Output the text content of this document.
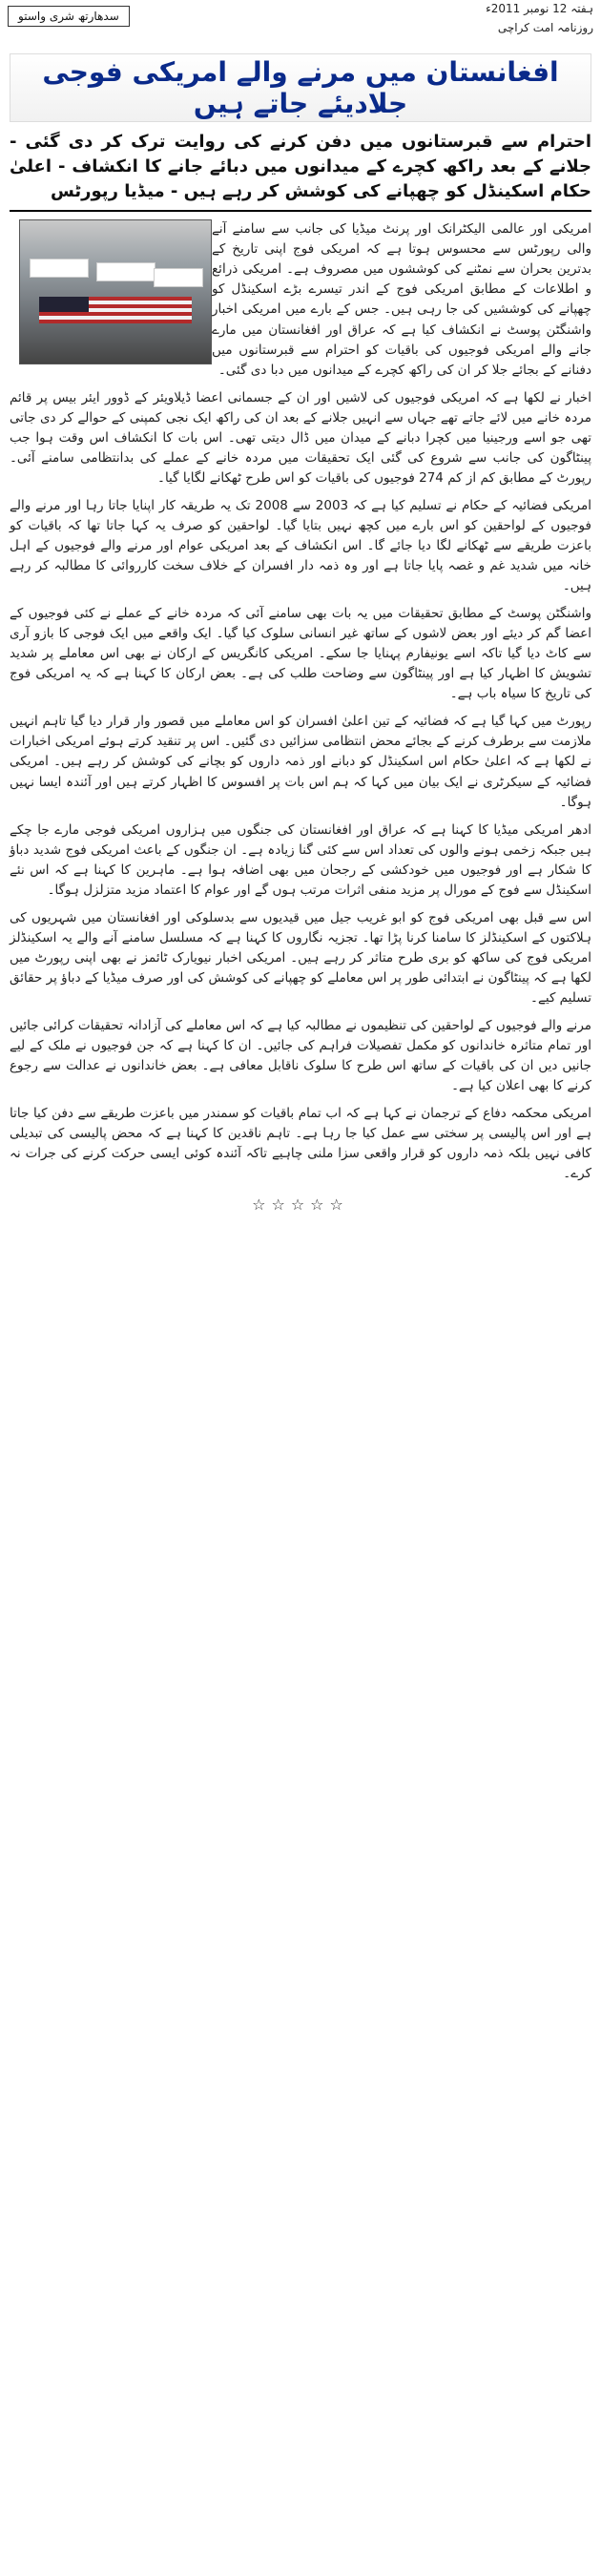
ہفتہ 12 نومبر 2011ء
روزنامہ امت کراچی
سدھارتھ شری واستو
افغانستان میں مرنے والے امریکی فوجی جلادیئے جاتے ہیں
احترام سے قبرستانوں میں دفن کرنے کی روایت ترک کر دی گئی - جلانے کے بعد راکھ کچرے کے میدانوں میں دبائے جانے کا انکشاف - اعلیٰ حکام اسکینڈل کو چھپانے کی کوشش کر رہے ہیں - میڈیا رپورٹس

امریکی اور عالمی الیکٹرانک اور پرنٹ میڈیا کی جانب سے سامنے آنے والی رپورٹس سے محسوس ہوتا ہے کہ امریکی فوج اپنی تاریخ کے بدترین بحران سے نمٹنے کی کوششوں میں مصروف ہے۔ امریکی ذرائع و اطلاعات کے مطابق امریکی فوج کے اندر تیسرے بڑے اسکینڈل کو چھپانے کی کوششیں کی جا رہی ہیں۔ جس کے بارے میں امریکی اخبار واشنگٹن پوسٹ نے انکشاف کیا ہے کہ عراق اور افغانستان میں مارے جانے والے امریکی فوجیوں کی باقیات کو احترام سے قبرستانوں میں دفنانے کے بجائے جلا کر ان کی راکھ کچرے کے میدانوں میں دبا دی گئی۔

اخبار نے لکھا ہے کہ امریکی فوجیوں کی لاشیں اور ان کے جسمانی اعضا ڈیلاویئر کے ڈوور ایئر بیس پر قائم مردہ خانے میں لائے جاتے تھے جہاں سے انہیں جلانے کے بعد ان کی راکھ ایک نجی کمپنی کے حوالے کر دی جاتی تھی جو اسے ورجینیا میں کچرا دبانے کے میدان میں ڈال دیتی تھی۔ اس بات کا انکشاف اس وقت ہوا جب پینٹاگون کی جانب سے شروع کی گئی ایک تحقیقات میں مردہ خانے کے عملے کی بدانتظامی سامنے آئی۔ رپورٹ کے مطابق کم از کم 274 فوجیوں کی باقیات کو اس طرح ٹھکانے لگایا گیا۔

امریکی فضائیہ کے حکام نے تسلیم کیا ہے کہ 2003 سے 2008 تک یہ طریقہ کار اپنایا جاتا رہا اور مرنے والے فوجیوں کے لواحقین کو اس بارے میں کچھ نہیں بتایا گیا۔ لواحقین کو صرف یہ کہا جاتا تھا کہ باقیات کو باعزت طریقے سے ٹھکانے لگا دیا جائے گا۔ اس انکشاف کے بعد امریکی عوام اور مرنے والے فوجیوں کے اہل خانہ میں شدید غم و غصہ پایا جاتا ہے اور وہ ذمہ دار افسران کے خلاف سخت کارروائی کا مطالبہ کر رہے ہیں۔

واشنگٹن پوسٹ کے مطابق تحقیقات میں یہ بات بھی سامنے آئی کہ مردہ خانے کے عملے نے کئی فوجیوں کے اعضا گم کر دیئے اور بعض لاشوں کے ساتھ غیر انسانی سلوک کیا گیا۔ ایک واقعے میں ایک فوجی کا بازو آری سے کاٹ دیا گیا تاکہ اسے یونیفارم پہنایا جا سکے۔ امریکی کانگریس کے ارکان نے بھی اس معاملے پر شدید تشویش کا اظہار کیا ہے اور پینٹاگون سے وضاحت طلب کی ہے۔ بعض ارکان کا کہنا ہے کہ یہ امریکی فوج کی تاریخ کا سیاہ باب ہے۔

رپورٹ میں کہا گیا ہے کہ فضائیہ کے تین اعلیٰ افسران کو اس معاملے میں قصور وار قرار دیا گیا تاہم انہیں ملازمت سے برطرف کرنے کے بجائے محض انتظامی سزائیں دی گئیں۔ اس پر تنقید کرتے ہوئے امریکی اخبارات نے لکھا ہے کہ اعلیٰ حکام اس اسکینڈل کو دبانے اور ذمہ داروں کو بچانے کی کوشش کر رہے ہیں۔ امریکی فضائیہ کے سیکرٹری نے ایک بیان میں کہا کہ ہم اس بات پر افسوس کا اظہار کرتے ہیں اور آئندہ ایسا نہیں ہوگا۔

ادھر امریکی میڈیا کا کہنا ہے کہ عراق اور افغانستان کی جنگوں میں ہزاروں امریکی فوجی مارے جا چکے ہیں جبکہ زخمی ہونے والوں کی تعداد اس سے کئی گنا زیادہ ہے۔ ان جنگوں کے باعث امریکی فوج شدید دباؤ کا شکار ہے اور فوجیوں میں خودکشی کے رجحان میں بھی اضافہ ہوا ہے۔ ماہرین کا کہنا ہے کہ اس نئے اسکینڈل سے فوج کے مورال پر مزید منفی اثرات مرتب ہوں گے اور عوام کا اعتماد مزید متزلزل ہوگا۔

اس سے قبل بھی امریکی فوج کو ابو غریب جیل میں قیدیوں سے بدسلوکی اور افغانستان میں شہریوں کی ہلاکتوں کے اسکینڈلز کا سامنا کرنا پڑا تھا۔ تجزیہ نگاروں کا کہنا ہے کہ مسلسل سامنے آنے والے یہ اسکینڈلز امریکی فوج کی ساکھ کو بری طرح متاثر کر رہے ہیں۔ امریکی اخبار نیویارک ٹائمز نے بھی اپنی رپورٹ میں لکھا ہے کہ پینٹاگون نے ابتدائی طور پر اس معاملے کو چھپانے کی کوشش کی اور صرف میڈیا کے دباؤ پر حقائق تسلیم کیے۔

مرنے والے فوجیوں کے لواحقین کی تنظیموں نے مطالبہ کیا ہے کہ اس معاملے کی آزادانہ تحقیقات کرائی جائیں اور تمام متاثرہ خاندانوں کو مکمل تفصیلات فراہم کی جائیں۔ ان کا کہنا ہے کہ جن فوجیوں نے ملک کے لیے جانیں دیں ان کی باقیات کے ساتھ اس طرح کا سلوک ناقابل معافی ہے۔ بعض خاندانوں نے عدالت سے رجوع کرنے کا بھی اعلان کیا ہے۔

امریکی محکمہ دفاع کے ترجمان نے کہا ہے کہ اب تمام باقیات کو سمندر میں باعزت طریقے سے دفن کیا جاتا ہے اور اس پالیسی پر سختی سے عمل کیا جا رہا ہے۔ تاہم ناقدین کا کہنا ہے کہ محض پالیسی کی تبدیلی کافی نہیں بلکہ ذمہ داروں کو قرار واقعی سزا ملنی چاہیے تاکہ آئندہ کوئی ایسی حرکت کرنے کی جرات نہ کرے۔

☆☆☆☆☆
